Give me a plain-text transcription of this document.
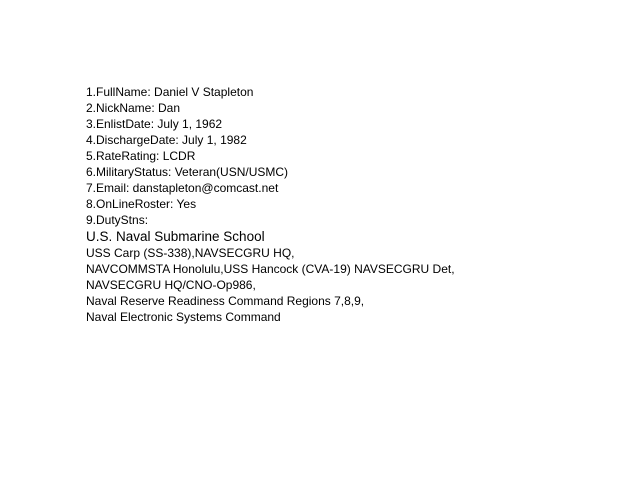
1.FullName: Daniel V Stapleton
2.NickName: Dan
3.EnlistDate: July 1, 1962
4.DischargeDate: July 1, 1982
5.RateRating: LCDR
6.MilitaryStatus: Veteran(USN/USMC)
7.Email: danstapleton@comcast.net
8.OnLineRoster: Yes
9.DutyStns:
U.S. Naval Submarine School
USS Carp (SS-338),NAVSECGRU HQ,
NAVCOMMSTA Honolulu,USS Hancock (CVA-19) NAVSECGRU Det,
NAVSECGRU HQ/CNO-Op986,
Naval Reserve Readiness Command Regions 7,8,9,
Naval Electronic Systems Command
